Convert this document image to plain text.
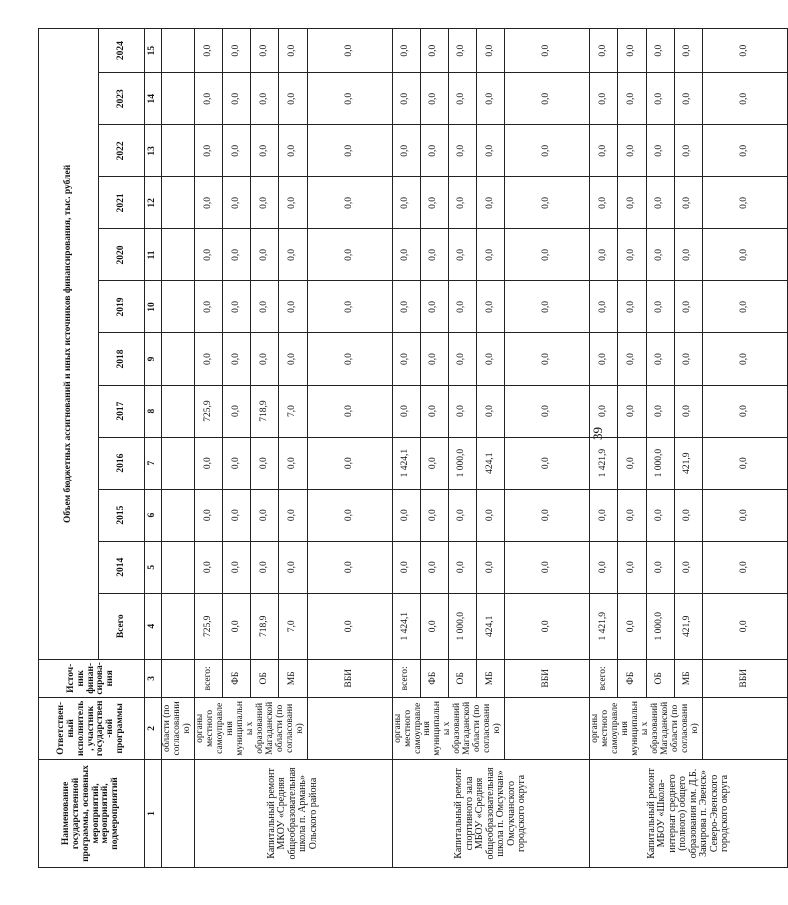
39
Наименование государственной программы, основных мероприятий, мероприятий, подмероприятий	Ответствен-ный исполнитель, участник государствен-ной программы	Источ-ник финан-сирова-ния	Объем бюджетных ассигнований и иных источников финансирования, тыс. рублей											
			Всего	2014	2015	2016	2017	2018	2019	2020	2021	2022	2023	2024
1	2	3	4	5	6	7	8	9	10	11	12	13	14	15
	области (по согласовании ю)													
Капитальный ремонт МКОУ «Средняя общеобразовательная школа п. Армань» Ольского района	органы местного самоуправле ния муниципальны х образований Магаданской области (по согласовани ю)	всего:	725,9	0,0	0,0	0,0	725,9	0,0	0,0	0,0	0,0	0,0	0,0	0,0
		ФБ	0,0	0,0	0,0	0,0	0,0	0,0	0,0	0,0	0,0	0,0	0,0	0,0
		ОБ	718,9	0,0	0,0	0,0	718,9	0,0	0,0	0,0	0,0	0,0	0,0	0,0
		МБ	7,0	0,0	0,0	0,0	7,0	0,0	0,0	0,0	0,0	0,0	0,0	0,0
		ВБИ	0,0	0,0	0,0	0,0	0,0	0,0	0,0	0,0	0,0	0,0	0,0	0,0
Капитальный ремонт спортивного зала МБОУ «Средняя общеобразовательная школа п. Омсукчан» Омсукчанского городского округа	органы местного самоуправле ния муниципальны х образований Магаданской области (по согласовани ю)	всего:	1 424,1	0,0	0,0	1 424,1	0,0	0,0	0,0	0,0	0,0	0,0	0,0	0,0
		ФБ	0,0	0,0	0,0	0,0	0,0	0,0	0,0	0,0	0,0	0,0	0,0	0,0
		ОБ	1 000,0	0,0	0,0	1 000,0	0,0	0,0	0,0	0,0	0,0	0,0	0,0	0,0
		МБ	424,1	0,0	0,0	424,1	0,0	0,0	0,0	0,0	0,0	0,0	0,0	0,0
		ВБИ	0,0	0,0	0,0	0,0	0,0	0,0	0,0	0,0	0,0	0,0	0,0	0,0
Капитальный ремонт МБОУ «Школа-интернат среднего (полного) общего образования им. Д.Б. Закирова п. Эвенск» Северо-Эвенского городского округа	органы местного самоуправле ния муниципальны х образований Магаданской области (по согласовани ю)	всего:	1 421,9	0,0	0,0	1 421,9	0,0	0,0	0,0	0,0	0,0	0,0	0,0	0,0
		ФБ	0,0	0,0	0,0	0,0	0,0	0,0	0,0	0,0	0,0	0,0	0,0	0,0
		ОБ	1 000,0	0,0	0,0	1 000,0	0,0	0,0	0,0	0,0	0,0	0,0	0,0	0,0
		МБ	421,9	0,0	0,0	421,9	0,0	0,0	0,0	0,0	0,0	0,0	0,0	0,0
		ВБИ	0,0	0,0	0,0	0,0	0,0	0,0	0,0	0,0	0,0	0,0	0,0	0,0
